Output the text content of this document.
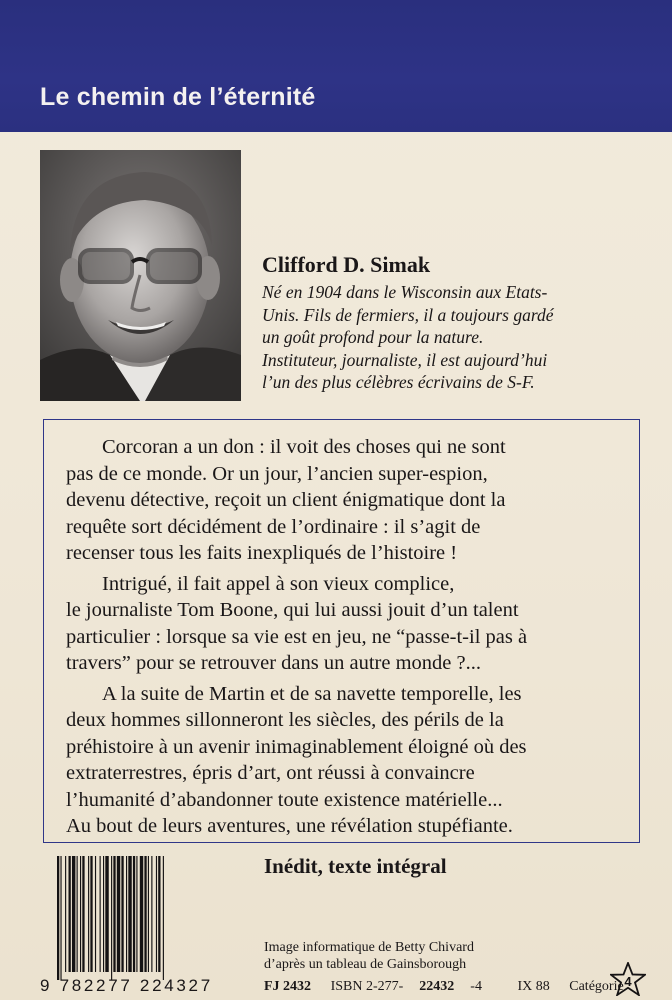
Le chemin de l’éternité
Clifford D. Simak
Né en 1904 dans le Wisconsin aux Etats-
Unis. Fils de fermiers, il a toujours gardé
un goût profond pour la nature.
Instituteur, journaliste, il est aujourd’hui
l’un des plus célèbres écrivains de S-F.
Corcoran a un don : il voit des choses qui ne sont
pas de ce monde. Or un jour, l’ancien super-espion,
devenu détective, reçoit un client énigmatique dont la
requête sort décidément de l’ordinaire : il s’agit de
recenser tous les faits inexpliqués de l’histoire !
Intrigué, il fait appel à son vieux complice,
le journaliste Tom Boone, qui lui aussi jouit d’un talent
particulier : lorsque sa vie est en jeu, ne “passe-t-il pas à
travers” pour se retrouver dans un autre monde ?...
A la suite de Martin et de sa navette temporelle, les
deux hommes sillonneront les siècles, des périls de la
préhistoire à un avenir inimaginablement éloigné où des
extraterrestres, épris d’art, ont réussi à convaincre
l’humanité d’abandonner toute existence matérielle...
Au bout de leurs aventures, une révélation stupéfiante.
9 782277 224327
Inédit, texte intégral
Image informatique de Betty Chivard
d’après un tableau de Gainsborough
FJ 2432 ISBN 2-277- 22432 -4	IX 88 Catégorie 4
